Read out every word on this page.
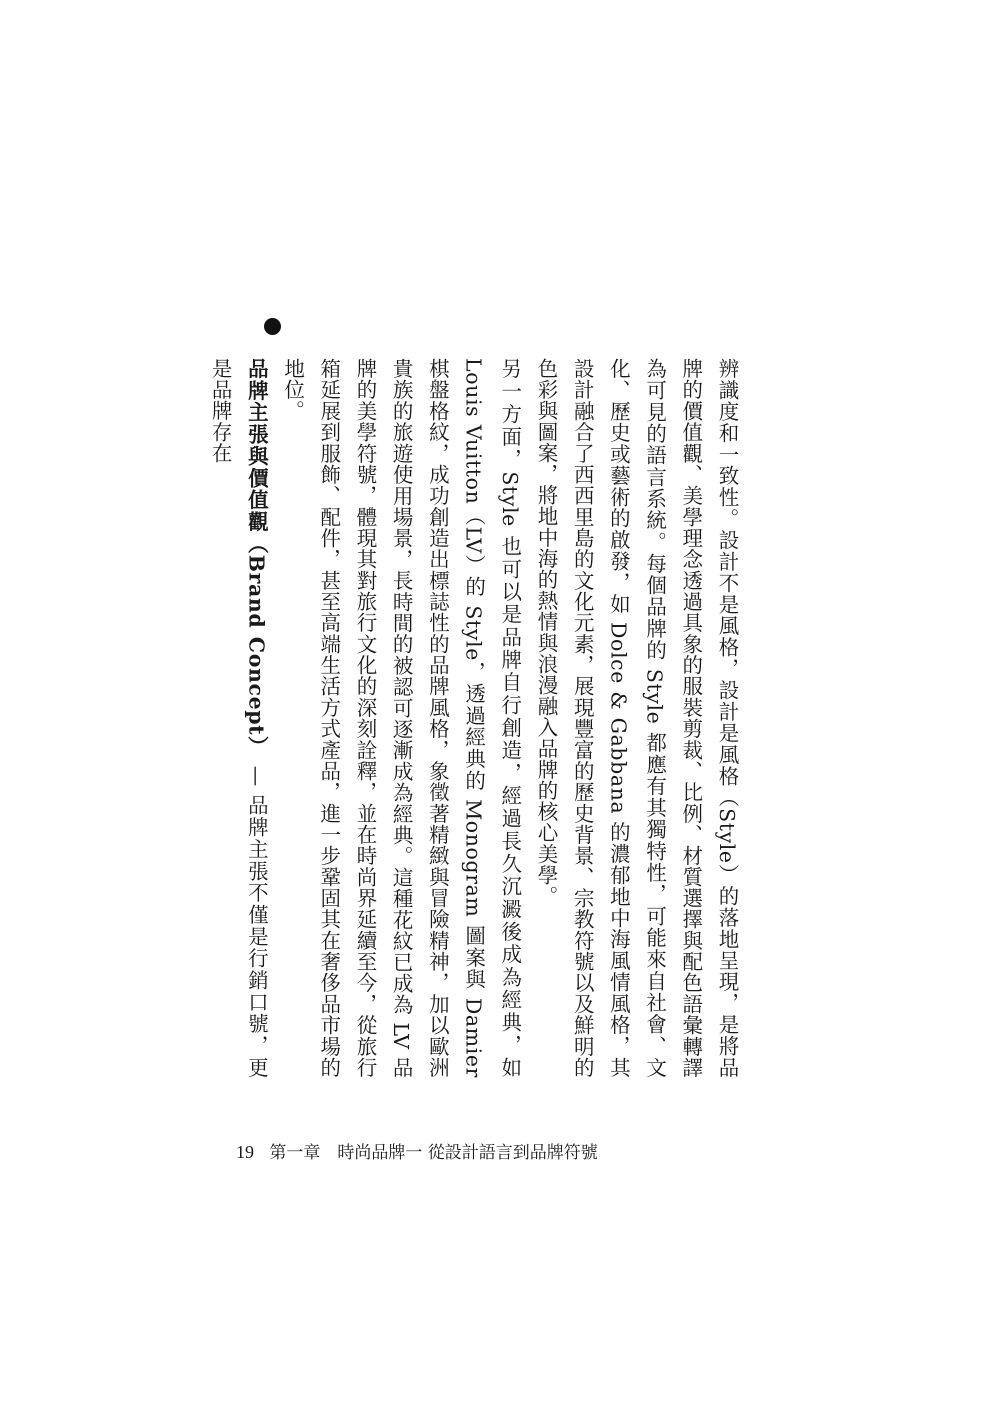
辨識度和一致性。設計不是風格，設計是風格（Style）的落地呈現，是將品牌的價值觀、美學理念透過具象的服裝剪裁、比例、材質選擇與配色語彙轉譯為可見的語言系統。每個品牌的 Style 都應有其獨特性，可能來自社會、文化、歷史或藝術的啟發，如 Dolce & Gabbana 的濃郁地中海風情風格，其設計融合了西西里島的文化元素，展現豐富的歷史背景、宗教符號以及鮮明的色彩與圖案，將地中海的熱情與浪漫融入品牌的核心美學。

另一方面，Style 也可以是品牌自行創造，經過長久沉澱後成為經典，如 Louis Vuitton（LV）的 Style，透過經典的 Monogram 圖案與 Damier 棋盤格紋，成功創造出標誌性的品牌風格，象徵著精緻與冒險精神，加以歐洲貴族的旅遊使用場景，長時間的被認可逐漸成為經典。這種花紋已成為 LV 品牌的美學符號，體現其對旅行文化的深刻詮釋，並在時尚界延續至今，從旅行箱延展到服飾、配件，甚至高端生活方式產品，進一步鞏固其在奢侈品市場的地位。

品牌主張與價值觀（Brand Concept） — 品牌主張不僅是行銷口號，更是品牌存在

19 第一章　時尚品牌一 從設計語言到品牌符號
